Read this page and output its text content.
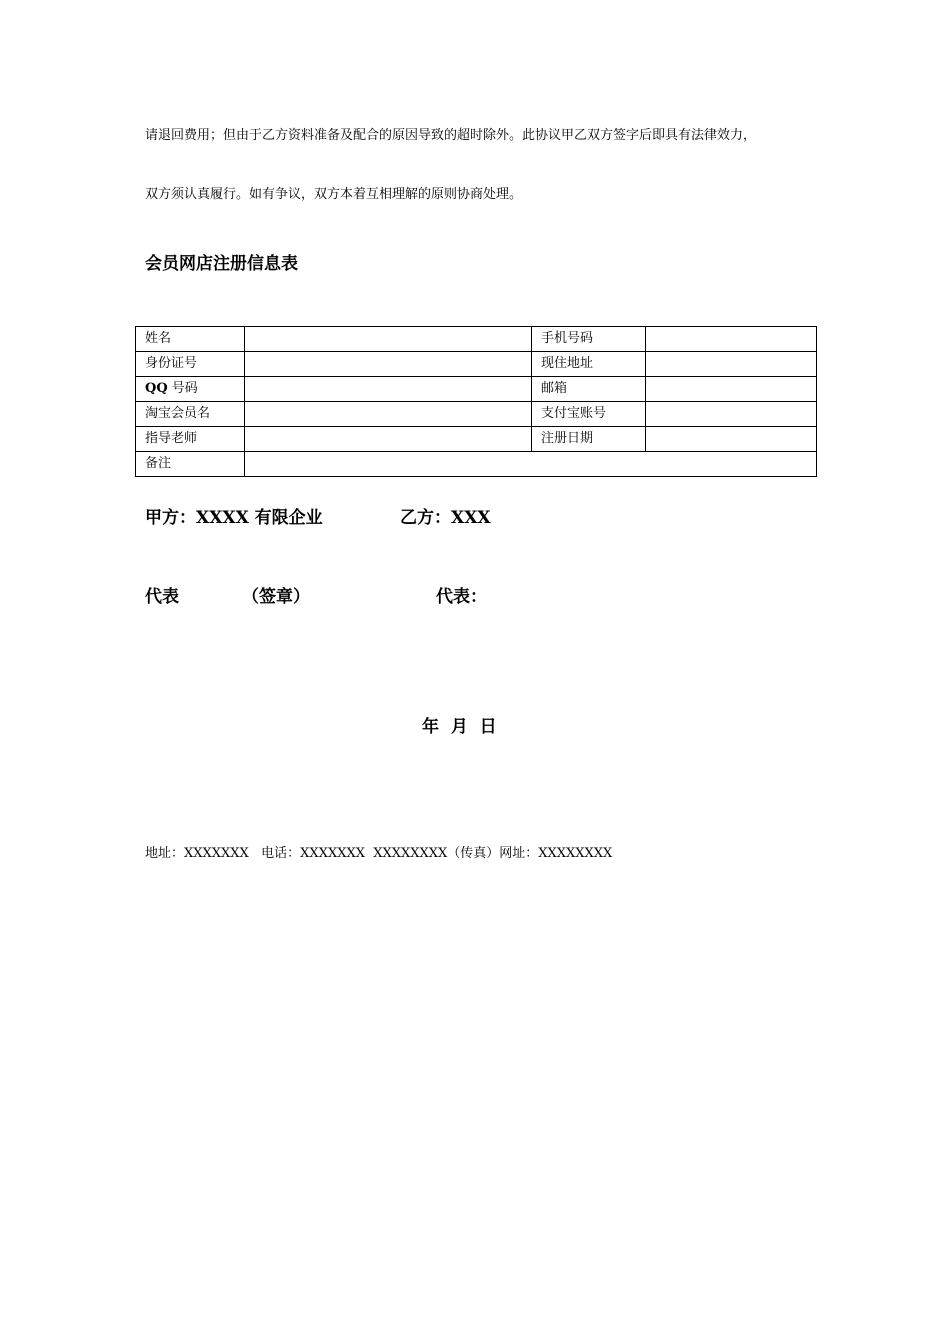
请退回费用；但由于乙方资料准备及配合的原因导致的超时除外。此协议甲乙双方签字后即具有法律效力，
双方须认真履行。如有争议，双方本着互相理解的原则协商处理。
会员网店注册信息表
姓名		手机号码	
身份证号		现住地址	
QQ 号码		邮箱	
淘宝会员名		支付宝账号	
指导老师		注册日期	
备注			
甲方：XXXX 有限企业	乙方：XXX
代表	（签章）	代表：
年  月  日
地址：XXXXXXX   电话：XXXXXXX  XXXXXXXX（传真）网址：XXXXXXXX
